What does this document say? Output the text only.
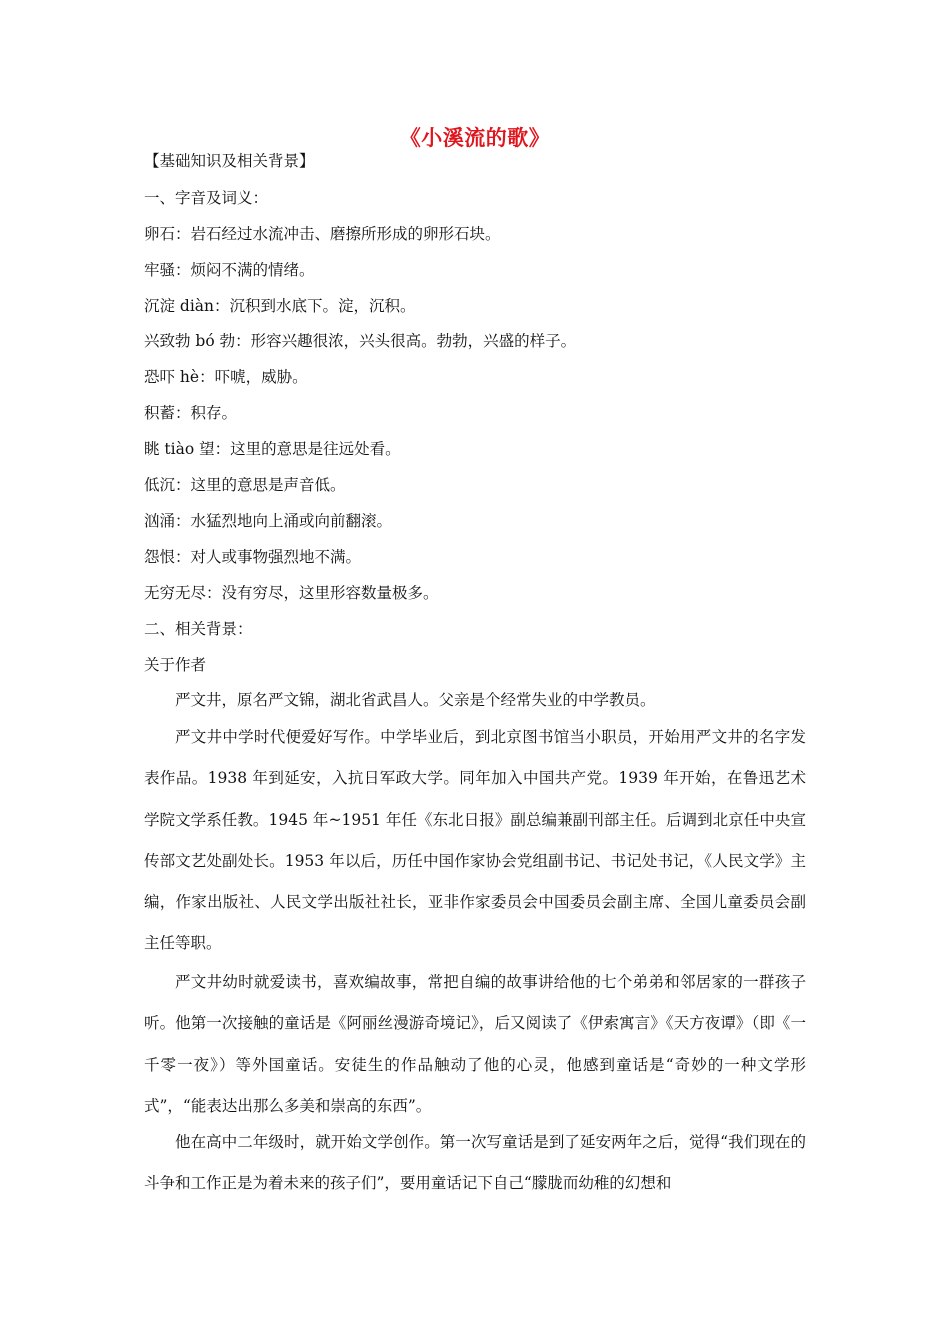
《小溪流的歌》
【基础知识及相关背景】
一、字音及词义：
卵石：岩石经过水流冲击、磨擦所形成的卵形石块。
牢骚：烦闷不满的情绪。
沉淀 diàn：沉积到水底下。淀，沉积。
兴致勃 bó 勃：形容兴趣很浓，兴头很高。勃勃，兴盛的样子。
恐吓 hè：吓唬，威胁。
积蓄：积存。
眺 tiào 望：这里的意思是往远处看。
低沉：这里的意思是声音低。
汹涌：水猛烈地向上涌或向前翻滚。
怨恨：对人或事物强烈地不满。
无穷无尽：没有穷尽，这里形容数量极多。
二、相关背景：
关于作者
严文井，原名严文锦，湖北省武昌人。父亲是个经常失业的中学教员。
严文井中学时代便爱好写作。中学毕业后，到北京图书馆当小职员，开始用严文井的名字发表作品。1938 年到延安，入抗日军政大学。同年加入中国共产党。1939 年开始，在鲁迅艺术学院文学系任教。1945 年~1951 年任《东北日报》副总编兼副刊部主任。后调到北京任中央宣传部文艺处副处长。1953 年以后，历任中国作家协会党组副书记、书记处书记，《人民文学》主编，作家出版社、人民文学出版社社长，亚非作家委员会中国委员会副主席、全国儿童委员会副主任等职。
严文井幼时就爱读书，喜欢编故事，常把自编的故事讲给他的七个弟弟和邻居家的一群孩子听。他第一次接触的童话是《阿丽丝漫游奇境记》，后又阅读了《伊索寓言》《天方夜谭》（即《一千零一夜》）等外国童话。安徒生的作品触动了他的心灵，他感到童话是“奇妙的一种文学形式”，“能表达出那么多美和崇高的东西”。
他在高中二年级时，就开始文学创作。第一次写童话是到了延安两年之后，觉得“我们现在的斗争和工作正是为着未来的孩子们”，要用童话记下自己“朦胧而幼稚的幻想和
